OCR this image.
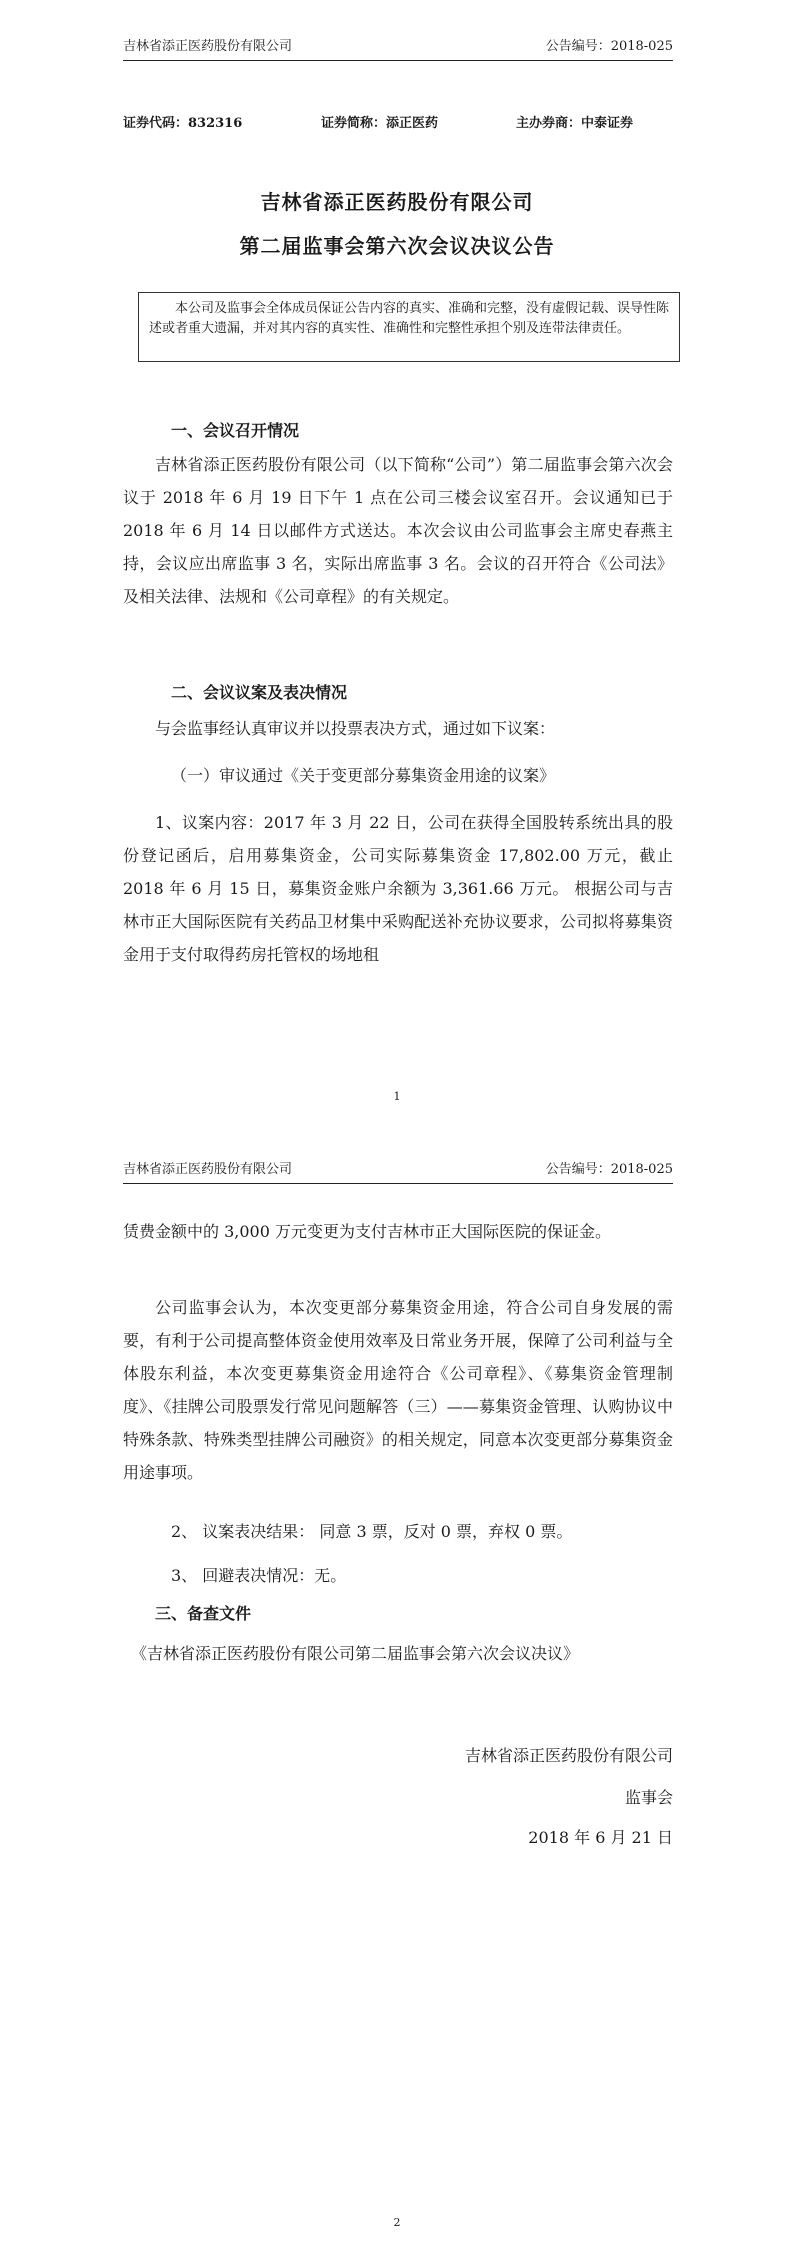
吉林省添正医药股份有限公司	公告编号：2018-025
证券代码：832316	证券简称：添正医药	主办券商：中泰证券
吉林省添正医药股份有限公司
第二届监事会第六次会议决议公告
本公司及监事会全体成员保证公告内容的真实、准确和完整，没有虚假记载、误导性陈述或者重大遗漏，并对其内容的真实性、准确性和完整性承担个别及连带法律责任。
一、会议召开情况
吉林省添正医药股份有限公司（以下简称“公司”）第二届监事会第六次会议于 2018 年 6 月 19 日下午 1 点在公司三楼会议室召开。会议通知已于 2018 年 6 月 14 日以邮件方式送达。本次会议由公司监事会主席史春燕主持，会议应出席监事 3 名，实际出席监事 3 名。会议的召开符合《公司法》及相关法律、法规和《公司章程》的有关规定。
二、会议议案及表决情况
与会监事经认真审议并以投票表决方式，通过如下议案：
（一）审议通过《关于变更部分募集资金用途的议案》
1、议案内容：2017 年 3 月 22 日，公司在获得全国股转系统出具的股份登记函后，启用募集资金，公司实际募集资金 17,802.00 万元，截止 2018 年 6 月 15 日，募集资金账户余额为 3,361.66 万元。 根据公司与吉林市正大国际医院有关药品卫材集中采购配送补充协议要求，公司拟将募集资金用于支付取得药房托管权的场地租
1
吉林省添正医药股份有限公司	公告编号：2018-025
赁费金额中的 3,000 万元变更为支付吉林市正大国际医院的保证金。
公司监事会认为，本次变更部分募集资金用途，符合公司自身发展的需要，有利于公司提高整体资金使用效率及日常业务开展，保障了公司利益与全体股东利益，本次变更募集资金用途符合《公司章程》、《募集资金管理制度》、《挂牌公司股票发行常见问题解答（三）——募集资金管理、认购协议中特殊条款、特殊类型挂牌公司融资》的相关规定，同意本次变更部分募集资金用途事项。
2、 议案表决结果： 同意 3 票，反对 0 票，弃权 0 票。
3、 回避表决情况：无。
三、备查文件
《吉林省添正医药股份有限公司第二届监事会第六次会议决议》
吉林省添正医药股份有限公司
监事会
2018 年 6 月 21 日
2
